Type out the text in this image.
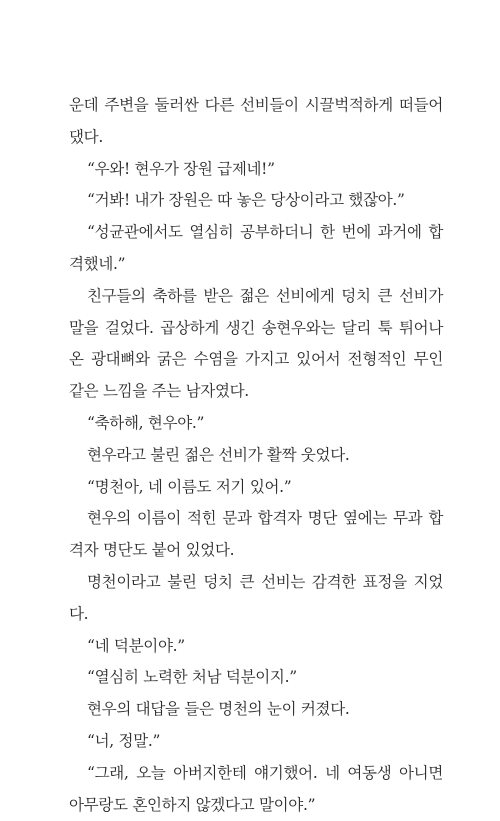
운데 주변을 둘러싼 다른 선비들이 시끌벅적하게 떠들어댔다.

“우와! 현우가 장원 급제네!”

“거봐! 내가 장원은 따 놓은 당상이라고 했잖아.”

“성균관에서도 열심히 공부하더니 한 번에 과거에 합격했네.”

친구들의 축하를 받은 젊은 선비에게 덩치 큰 선비가 말을 걸었다. 곱상하게 생긴 송현우와는 달리 툭 튀어나온 광대뼈와 굵은 수염을 가지고 있어서 전형적인 무인 같은 느낌을 주는 남자였다.

“축하해, 현우야.”

현우라고 불린 젊은 선비가 활짝 웃었다.

“명천아, 네 이름도 저기 있어.”

현우의 이름이 적힌 문과 합격자 명단 옆에는 무과 합격자 명단도 붙어 있었다.

명천이라고 불린 덩치 큰 선비는 감격한 표정을 지었다.

“네 덕분이야.”

“열심히 노력한 처남 덕분이지.”

현우의 대답을 들은 명천의 눈이 커졌다.

“너, 정말.”

“그래, 오늘 아버지한테 얘기했어. 네 여동생 아니면 아무랑도 혼인하지 않겠다고 말이야.”
